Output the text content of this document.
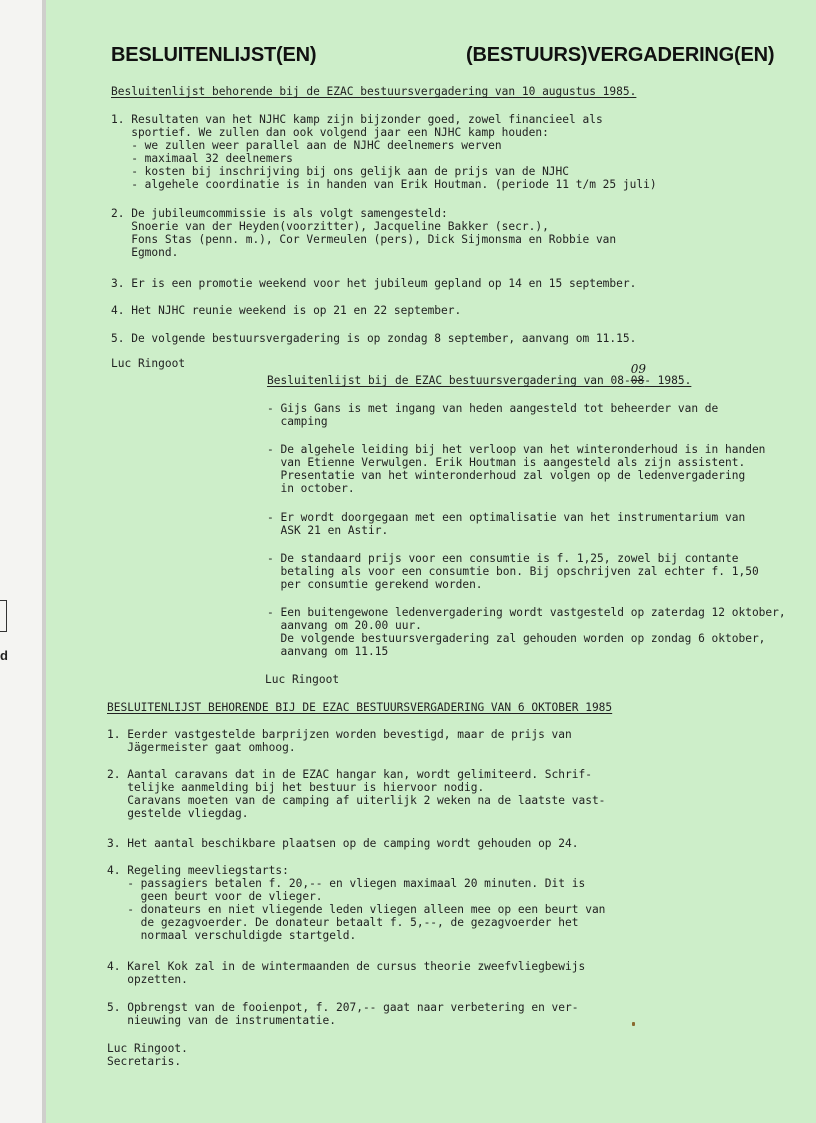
d
BESLUITENLIJST(EN)	(BESTUURS)VERGADERING(EN)
Besluitenlijst behorende bij de EZAC bestuursvergadering van 10 augustus 1985.
1. Resultaten van het NJHC kamp zijn bijzonder goed, zowel financieel als
sportief. We zullen dan ook volgend jaar een NJHC kamp houden:
- we zullen weer parallel aan de NJHC deelnemers werven
- maximaal 32 deelnemers
- kosten bij inschrijving bij ons gelijk aan de prijs van de NJHC
- algehele coordinatie is in handen van Erik Houtman. (periode 11 t/m 25 juli)
2. De jubileumcommissie is als volgt samengesteld:
Snoerie van der Heyden(voorzitter), Jacqueline Bakker (secr.),
Fons Stas (penn. m.), Cor Vermeulen (pers), Dick Sijmonsma en Robbie van
Egmond.
3. Er is een promotie weekend voor het jubileum gepland op 14 en 15 september.
4. Het NJHC reunie weekend is op 21 en 22 september.
5. De volgende bestuursvergadering is op zondag 8 september, aanvang om 11.15.
Luc Ringoot
Besluitenlijst bij de EZAC bestuursvergadering van 08-
09
08- 1985.
- Gijs Gans is met ingang van heden aangesteld tot beheerder van de
camping
- De algehele leiding bij het verloop van het winteronderhoud is in handen
van Etienne Verwulgen. Erik Houtman is aangesteld als zijn assistent.
Presentatie van het winteronderhoud zal volgen op de ledenvergadering
in october.
- Er wordt doorgegaan met een optimalisatie van het instrumentarium van
ASK 21 en Astir.
- De standaard prijs voor een consumtie is f. 1,25, zowel bij contante
betaling als voor een consumtie bon. Bij opschrijven zal echter f. 1,50
per consumtie gerekend worden.
- Een buitengewone ledenvergadering wordt vastgesteld op zaterdag 12 oktober,
aanvang om 20.00 uur.
De volgende bestuursvergadering zal gehouden worden op zondag 6 oktober,
aanvang om 11.15
Luc Ringoot
BESLUITENLIJST BEHORENDE BIJ DE EZAC BESTUURSVERGADERING VAN 6 OKTOBER 1985
1. Eerder vastgestelde barprijzen worden bevestigd, maar de prijs van
Jägermeister gaat omhoog.
2. Aantal caravans dat in de EZAC hangar kan, wordt gelimiteerd. Schrif-
telijke aanmelding bij het bestuur is hiervoor nodig.
Caravans moeten van de camping af uiterlijk 2 weken na de laatste vast-
gestelde vliegdag.
3. Het aantal beschikbare plaatsen op de camping wordt gehouden op 24.
4. Regeling meevliegstarts:
- passagiers betalen f. 20,-- en vliegen maximaal 20 minuten. Dit is
geen beurt voor de vlieger.
- donateurs en niet vliegende leden vliegen alleen mee op een beurt van
de gezagvoerder. De donateur betaalt f. 5,--, de gezagvoerder het
normaal verschuldigde startgeld.
4. Karel Kok zal in de wintermaanden de cursus theorie zweefvliegbewijs
opzetten.
5. Opbrengst van de fooienpot, f. 207,-- gaat naar verbetering en ver-
nieuwing van de instrumentatie.
Luc Ringoot.
Secretaris.
